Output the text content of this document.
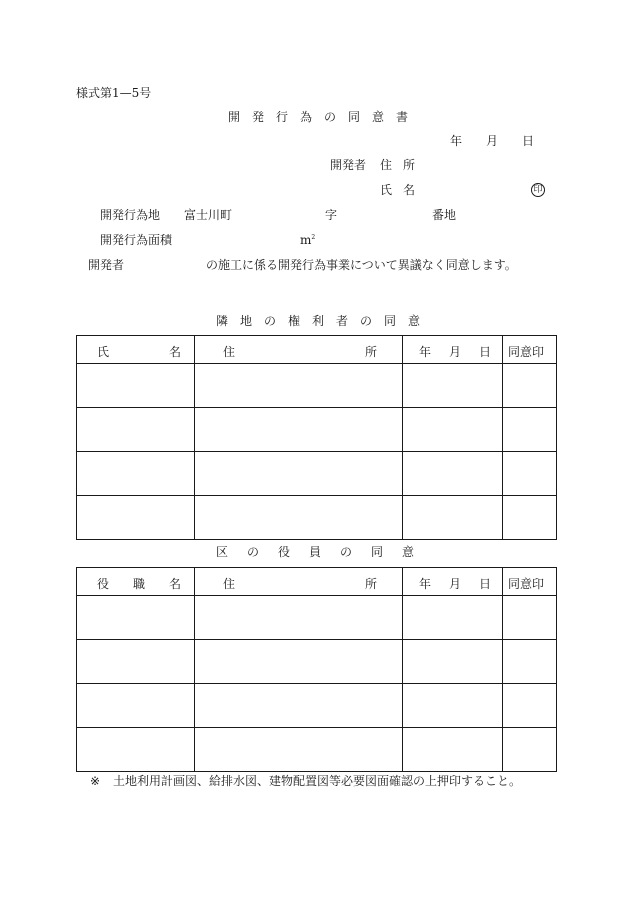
様式第1—5号
開 発 行 為 の 同 意 書
年 月 日
開発者 住 所
氏 名	印
開発行為地 富士川町	字	番地
開発行為面積	$m^2$
開発者	の施工に係る開発行為事業について異議なく同意します。
隣 地 の 権 利 者 の 同 意
氏 名	住 所	年 月 日	同意印

区 の 役 員 の 同 意
役 職 名	住 所	年 月 日	同意印

※ 土地利用計画図、給排水図、建物配置図等必要図面確認の上押印すること。
